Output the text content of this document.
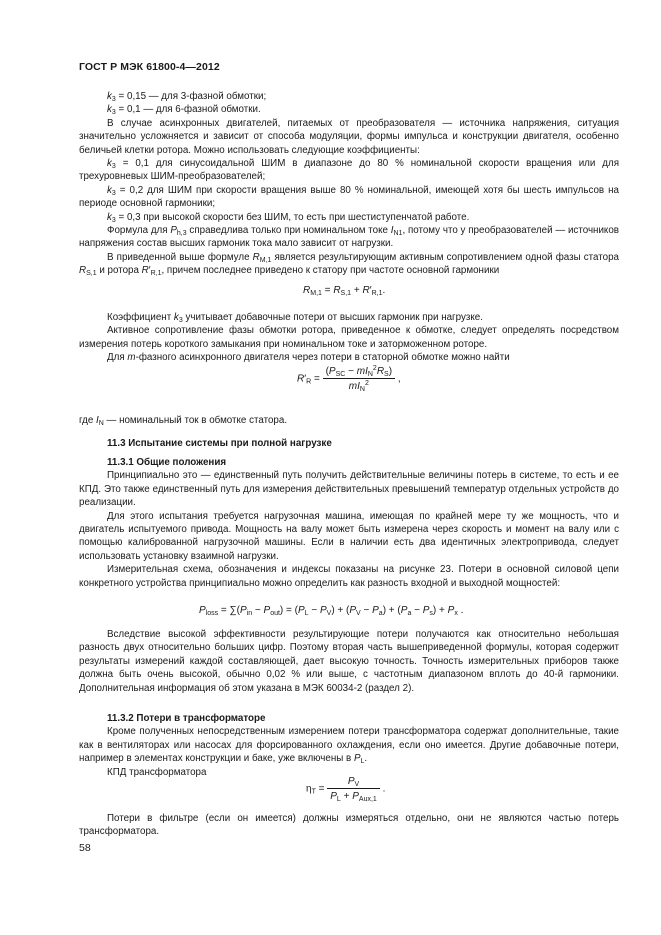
ГОСТ Р МЭК 61800-4—2012

$k_3 = 0,15$ — для 3-фазной обмотки;

$k_3 = 0,1$ — для 6-фазной обмотки.

В случае асинхронных двигателей, питаемых от преобразователя — источника напряжения, ситуация значительно усложняется и зависит от способа модуляции, формы импульса и конструкции двигателя, особенно беличьей клетки ротора. Можно использовать следующие коэффициенты:

$k_3 = 0,1$ для синусоидальной ШИМ в диапазоне до 80 % номинальной скорости вращения или для трехуровневых ШИМ-преобразователей;

$k_3 = 0,2$ для ШИМ при скорости вращения выше 80 % номинальной, имеющей хотя бы шесть импульсов на периоде основной гармоники;

$k_3 = 0,3$ при высокой скорости без ШИМ, то есть при шестиступенчатой работе.

Формула для $P_{h,3}$ справедлива только при номинальном токе $I_{N1}$, потому что у преобразователей — источников напряжения состав высших гармоник тока мало зависит от нагрузки.

В приведенной выше формуле $R_{M,1}$ является результирующим активным сопротивлением одной фазы статора $R_{S,1}$ и ротора $R'_{R,1}$, причем последнее приведено к статору при частоте основной гармоники

$R_{M,1} = R_{S,1} + R'_{R,1}$.

Коэффициент $k_3$ учитывает добавочные потери от высших гармоник при нагрузке.

Активное сопротивление фазы обмотки ротора, приведенное к обмотке, следует определять посредством измерения потерь короткого замыкания при номинальном токе и заторможенном роторе.

Для m-фазного асинхронного двигателя через потери в статорной обмотке можно найти

$R'_R = \frac{(P_{SC} - mI_N^2R_S)}{mI_N^2}$ ,

где $I_N$ — номинальный ток в обмотке статора.

11.3 Испытание системы при полной нагрузке

11.3.1 Общие положения

Принципиально это — единственный путь получить действительные величины потерь в системе, то есть и ее КПД. Это также единственный путь для измерения действительных превышений температур отдельных устройств до реализации.

Для этого испытания требуется нагрузочная машина, имеющая по крайней мере ту же мощность, что и двигатель испытуемого привода. Мощность на валу может быть измерена через скорость и момент на валу или с помощью калиброванной нагрузочной машины. Если в наличии есть два идентичных электропривода, следует использовать установку взаимной нагрузки.

Измерительная схема, обозначения и индексы показаны на рисунке 23. Потери в основной силовой цепи конкретного устройства принципиально можно определить как разность входной и выходной мощностей:

$P_{loss} = \sum(P_{in} - P_{out}) = (P_L - P_V) + (P_V - P_a) + (P_a - P_s) + P_x$ .

Вследствие высокой эффективности результирующие потери получаются как относительно небольшая разность двух относительно больших цифр. Поэтому вторая часть вышеприведенной формулы, которая содержит результаты измерений каждой составляющей, дает высокую точность. Точность измерительных приборов также должна быть очень высокой, обычно 0,02 % или выше, с частотным диапазоном вплоть до 40-й гармоники. Дополнительная информация об этом указана в МЭК 60034-2 (раздел 2).

11.3.2 Потери в трансформаторе

Кроме полученных непосредственным измерением потери трансформатора содержат дополнительные, такие как в вентиляторах или насосах для форсированного охлаждения, если оно имеется. Другие добавочные потери, например в элементах конструкции и баке, уже включены в $P_L$.

КПД трансформатора

$\eta_T = \frac{P_V}{P_L + P_{Aux,1}}$ .

Потери в фильтре (если он имеется) должны измеряться отдельно, они не являются частью потерь трансформатора.

58
